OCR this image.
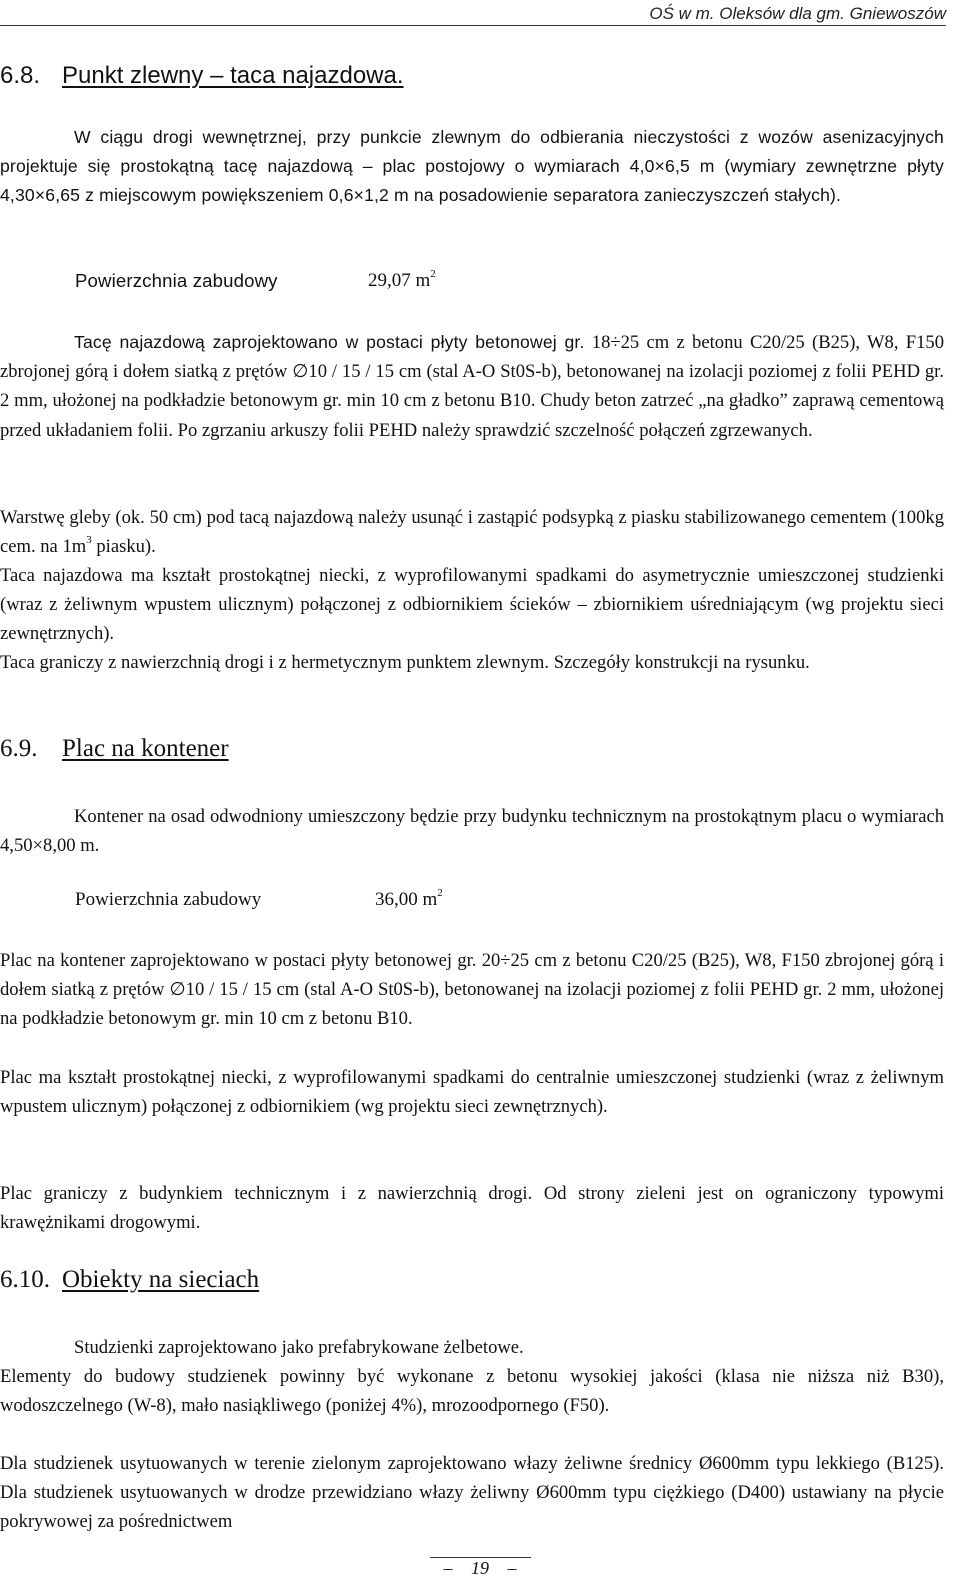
OŚ w m. Oleksów dla gm. Gniewoszów
6.8. Punkt zlewny – taca najazdowa.

W ciągu drogi wewnętrznej, przy punkcie zlewnym do odbierania nieczystości z wozów asenizacyjnych projektuje się prostokątną tacę najazdową – plac postojowy o wymiarach 4,0×6,5 m (wymiary zewnętrzne płyty 4,30×6,65 z miejscowym powiększeniem 0,6×1,2 m na posadowienie separatora zanieczyszczeń stałych).

Powierzchnia zabudowy	29,07 $m^2$

Tacę najazdową zaprojektowano w postaci płyty betonowej gr. 18÷25 cm z betonu C20/25 (B25), W8, F150 zbrojonej górą i dołem siatką z prętów ∅10 / 15 / 15 cm (stal A-O St0S-b), betonowanej na izolacji poziomej z folii PEHD gr. 2 mm, ułożonej na podkładzie betonowym gr. min 10 cm z betonu B10. Chudy beton zatrzeć „na gładko” zaprawą cementową przed układaniem folii. Po zgrzaniu arkuszy folii PEHD należy sprawdzić szczelność połączeń zgrzewanych.

Warstwę gleby (ok. 50 cm) pod tacą najazdową należy usunąć i zastąpić podsypką z piasku stabilizowanego cementem (100kg cem. na $1m^3$ piasku).

Taca najazdowa ma kształt prostokątnej niecki, z wyprofilowanymi spadkami do asymetrycznie umieszczonej studzienki (wraz z żeliwnym wpustem ulicznym) połączonej z odbiornikiem ścieków – zbiornikiem uśredniającym (wg projektu sieci zewnętrznych).

Taca graniczy z nawierzchnią drogi i z hermetycznym punktem zlewnym. Szczegóły konstrukcji na rysunku.

6.9. Plac na kontener

Kontener na osad odwodniony umieszczony będzie przy budynku technicznym na prostokątnym placu o wymiarach 4,50×8,00 m.

Powierzchnia zabudowy	36,00 $m^2$

Plac na kontener zaprojektowano w postaci płyty betonowej gr. 20÷25 cm z betonu C20/25 (B25), W8, F150 zbrojonej górą i dołem siatką z prętów ∅10 / 15 / 15 cm (stal A-O St0S-b), betonowanej na izolacji poziomej z folii PEHD gr. 2 mm, ułożonej na podkładzie betonowym gr. min 10 cm z betonu B10.

Plac ma kształt prostokątnej niecki, z wyprofilowanymi spadkami do centralnie umieszczonej studzienki (wraz z żeliwnym wpustem ulicznym) połączonej z odbiornikiem (wg projektu sieci zewnętrznych).

Plac graniczy z budynkiem technicznym i z nawierzchnią drogi. Od strony zieleni jest on ograniczony typowymi krawężnikami drogowymi.

6.10. Obiekty na sieciach

Studzienki zaprojektowano jako prefabrykowane żelbetowe.

Elementy do budowy studzienek powinny być wykonane z betonu wysokiej jakości (klasa nie niższa niż B30), wodoszczelnego (W-8), mało nasiąkliwego (poniżej 4%), mrozoodpornego (F50).

Dla studzienek usytuowanych w terenie zielonym zaprojektowano włazy żeliwne średnicy Ø600mm typu lekkiego (B125). Dla studzienek usytuowanych w drodze przewidziano włazy żeliwny Ø600mm typu ciężkiego (D400) ustawiany na płycie pokrywowej za pośrednictwem

– 19 –
